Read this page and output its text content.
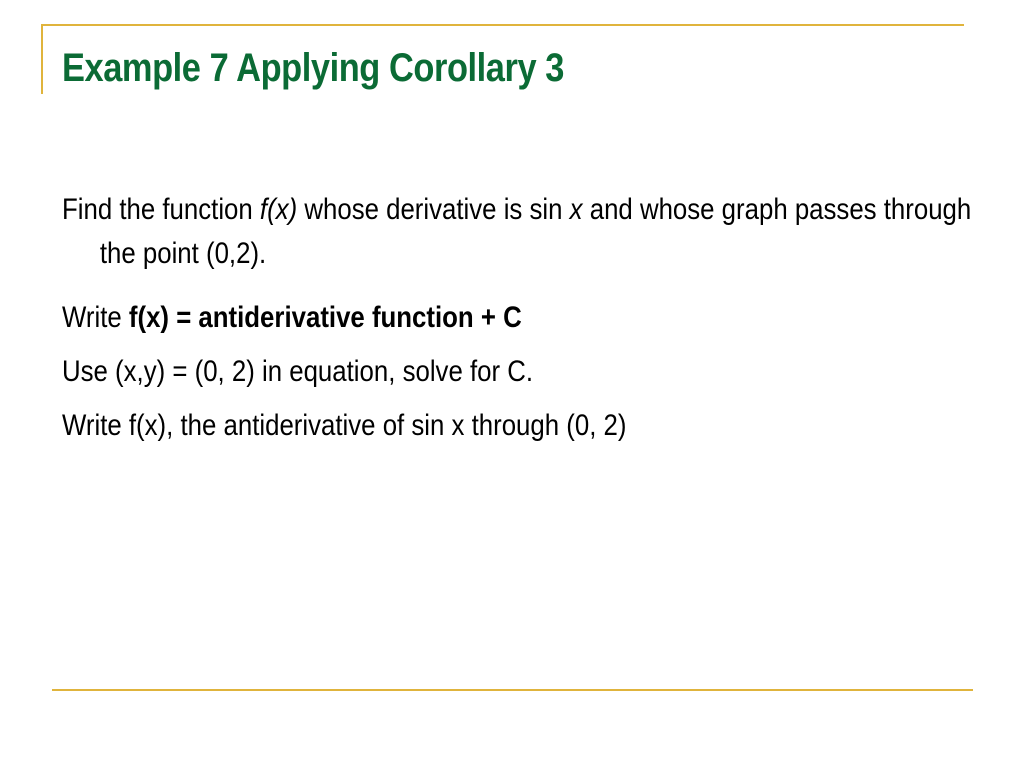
Example 7 Applying Corollary 3

Find the function f(x) whose derivative is sin x and whose graph passes through the point (0,2).

Write f(x) = antiderivative function + C

Use (x,y) = (0, 2) in equation, solve for C.

Write f(x), the antiderivative of sin x through (0, 2)
